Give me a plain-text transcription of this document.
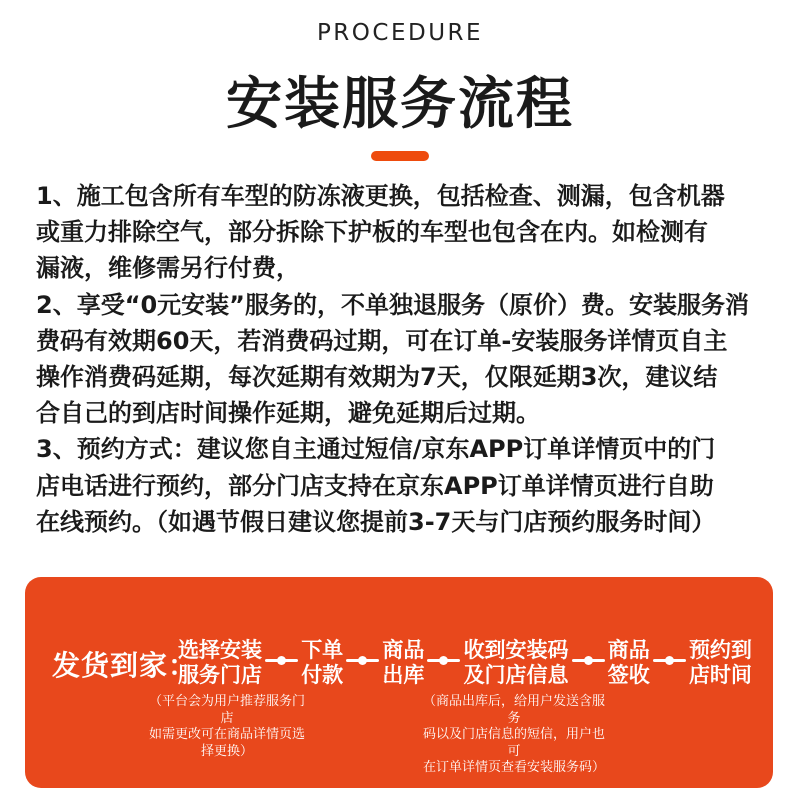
PROCEDURE
安装服务流程
1、施工包含所有车型的防冻液更换，包括检查、测漏，包含机器
或重力排除空气，部分拆除下护板的车型也包含在内。如检测有
漏液，维修需另行付费，
2、享受“0元安装”服务的，不单独退服务（原价）费。安装服务消
费码有效期60天，若消费码过期，可在订单-安装服务详情页自主
操作消费码延期，每次延期有效期为7天，仅限延期3次，建议结
合自己的到店时间操作延期，避免延期后过期。
3、预约方式：建议您自主通过短信/京东APP订单详情页中的门
店电话进行预约，部分门店支持在京东APP订单详情页进行自助
在线预约。（如遇节假日建议您提前3-7天与门店预约服务时间）
发货到家：
选择安装
服务门店
下单
付款
商品
出库
收到安装码
及门店信息
商品
签收
预约到
店时间
（平台会为用户推荐服务门店
如需更改可在商品详情页选择更换）
（商品出库后，给用户发送含服务
码以及门店信息的短信，用户也可
在订单详情页查看安装服务码）
